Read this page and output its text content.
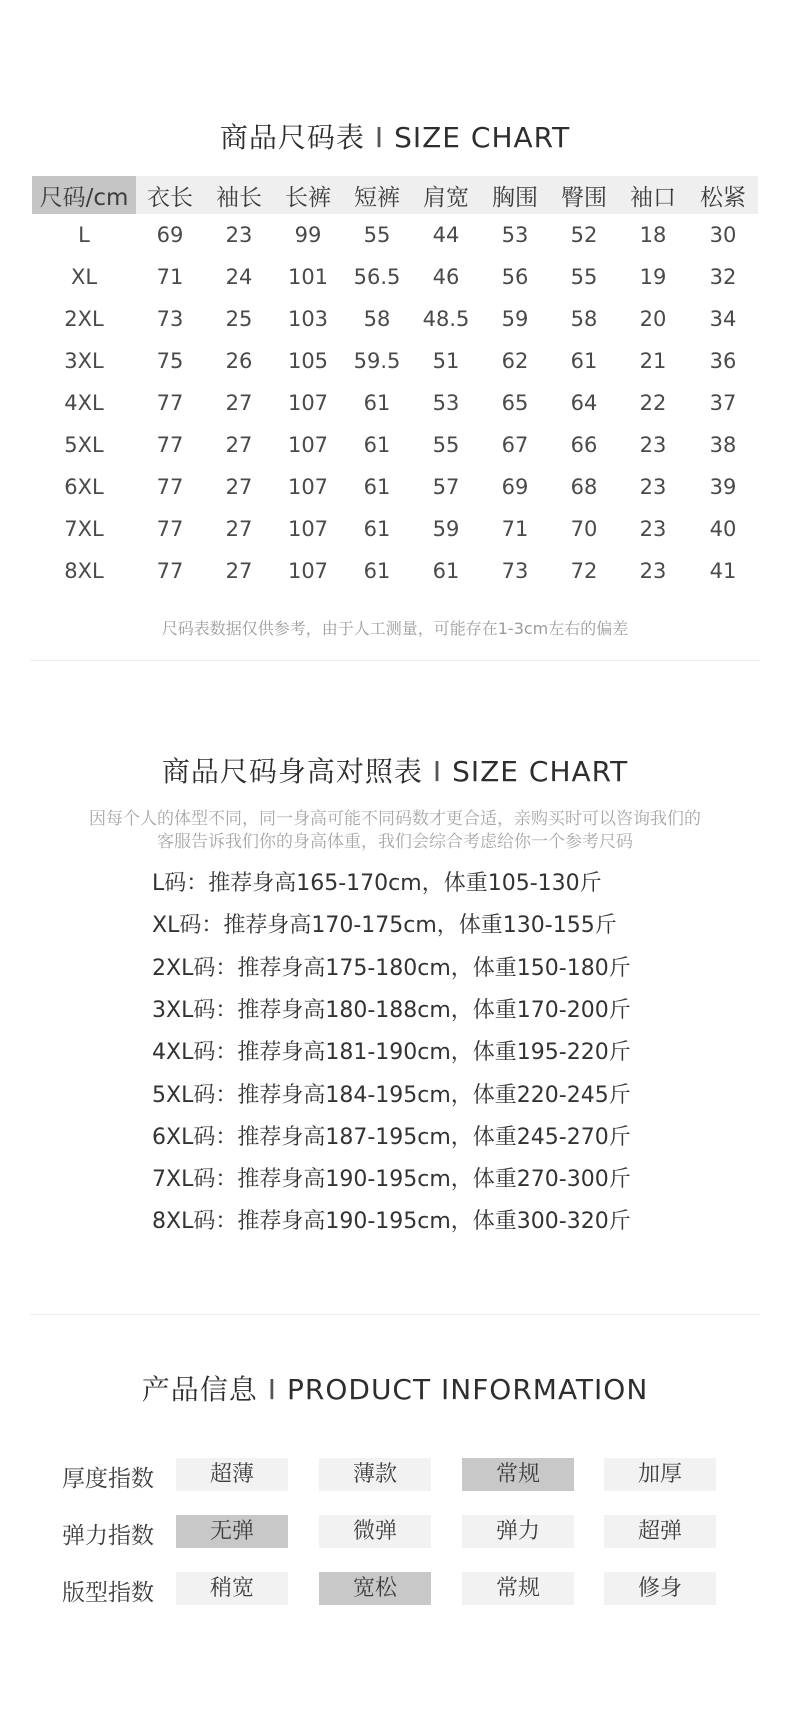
商品尺码表 I SIZE CHART
尺码/cm	衣长	袖长	长裤	短裤	肩宽	胸围	臀围	袖口	松紧
L	69	23	99	55	44	53	52	18	30
XL	71	24	101	56.5	46	56	55	19	32
2XL	73	25	103	58	48.5	59	58	20	34
3XL	75	26	105	59.5	51	62	61	21	36
4XL	77	27	107	61	53	65	64	22	37
5XL	77	27	107	61	55	67	66	23	38
6XL	77	27	107	61	57	69	68	23	39
7XL	77	27	107	61	59	71	70	23	40
8XL	77	27	107	61	61	73	72	23	41
尺码表数据仅供参考，由于人工测量，可能存在1-3cm左右的偏差
商品尺码身高对照表 I SIZE CHART
因每个人的体型不同，同一身高可能不同码数才更合适，亲购买时可以咨询我们的
客服告诉我们你的身高体重，我们会综合考虑给你一个参考尺码
L码：推荐身高165-170cm，体重105-130斤
XL码：推荐身高170-175cm，体重130-155斤
2XL码：推荐身高175-180cm，体重150-180斤
3XL码：推荐身高180-188cm，体重170-200斤
4XL码：推荐身高181-190cm，体重195-220斤
5XL码：推荐身高184-195cm，体重220-245斤
6XL码：推荐身高187-195cm，体重245-270斤
7XL码：推荐身高190-195cm，体重270-300斤
8XL码：推荐身高190-195cm，体重300-320斤
产品信息 I PRODUCT INFORMATION
厚度指数	超薄	薄款	常规	加厚
弹力指数	无弹	微弹	弹力	超弹
版型指数	稍宽	宽松	常规	修身
